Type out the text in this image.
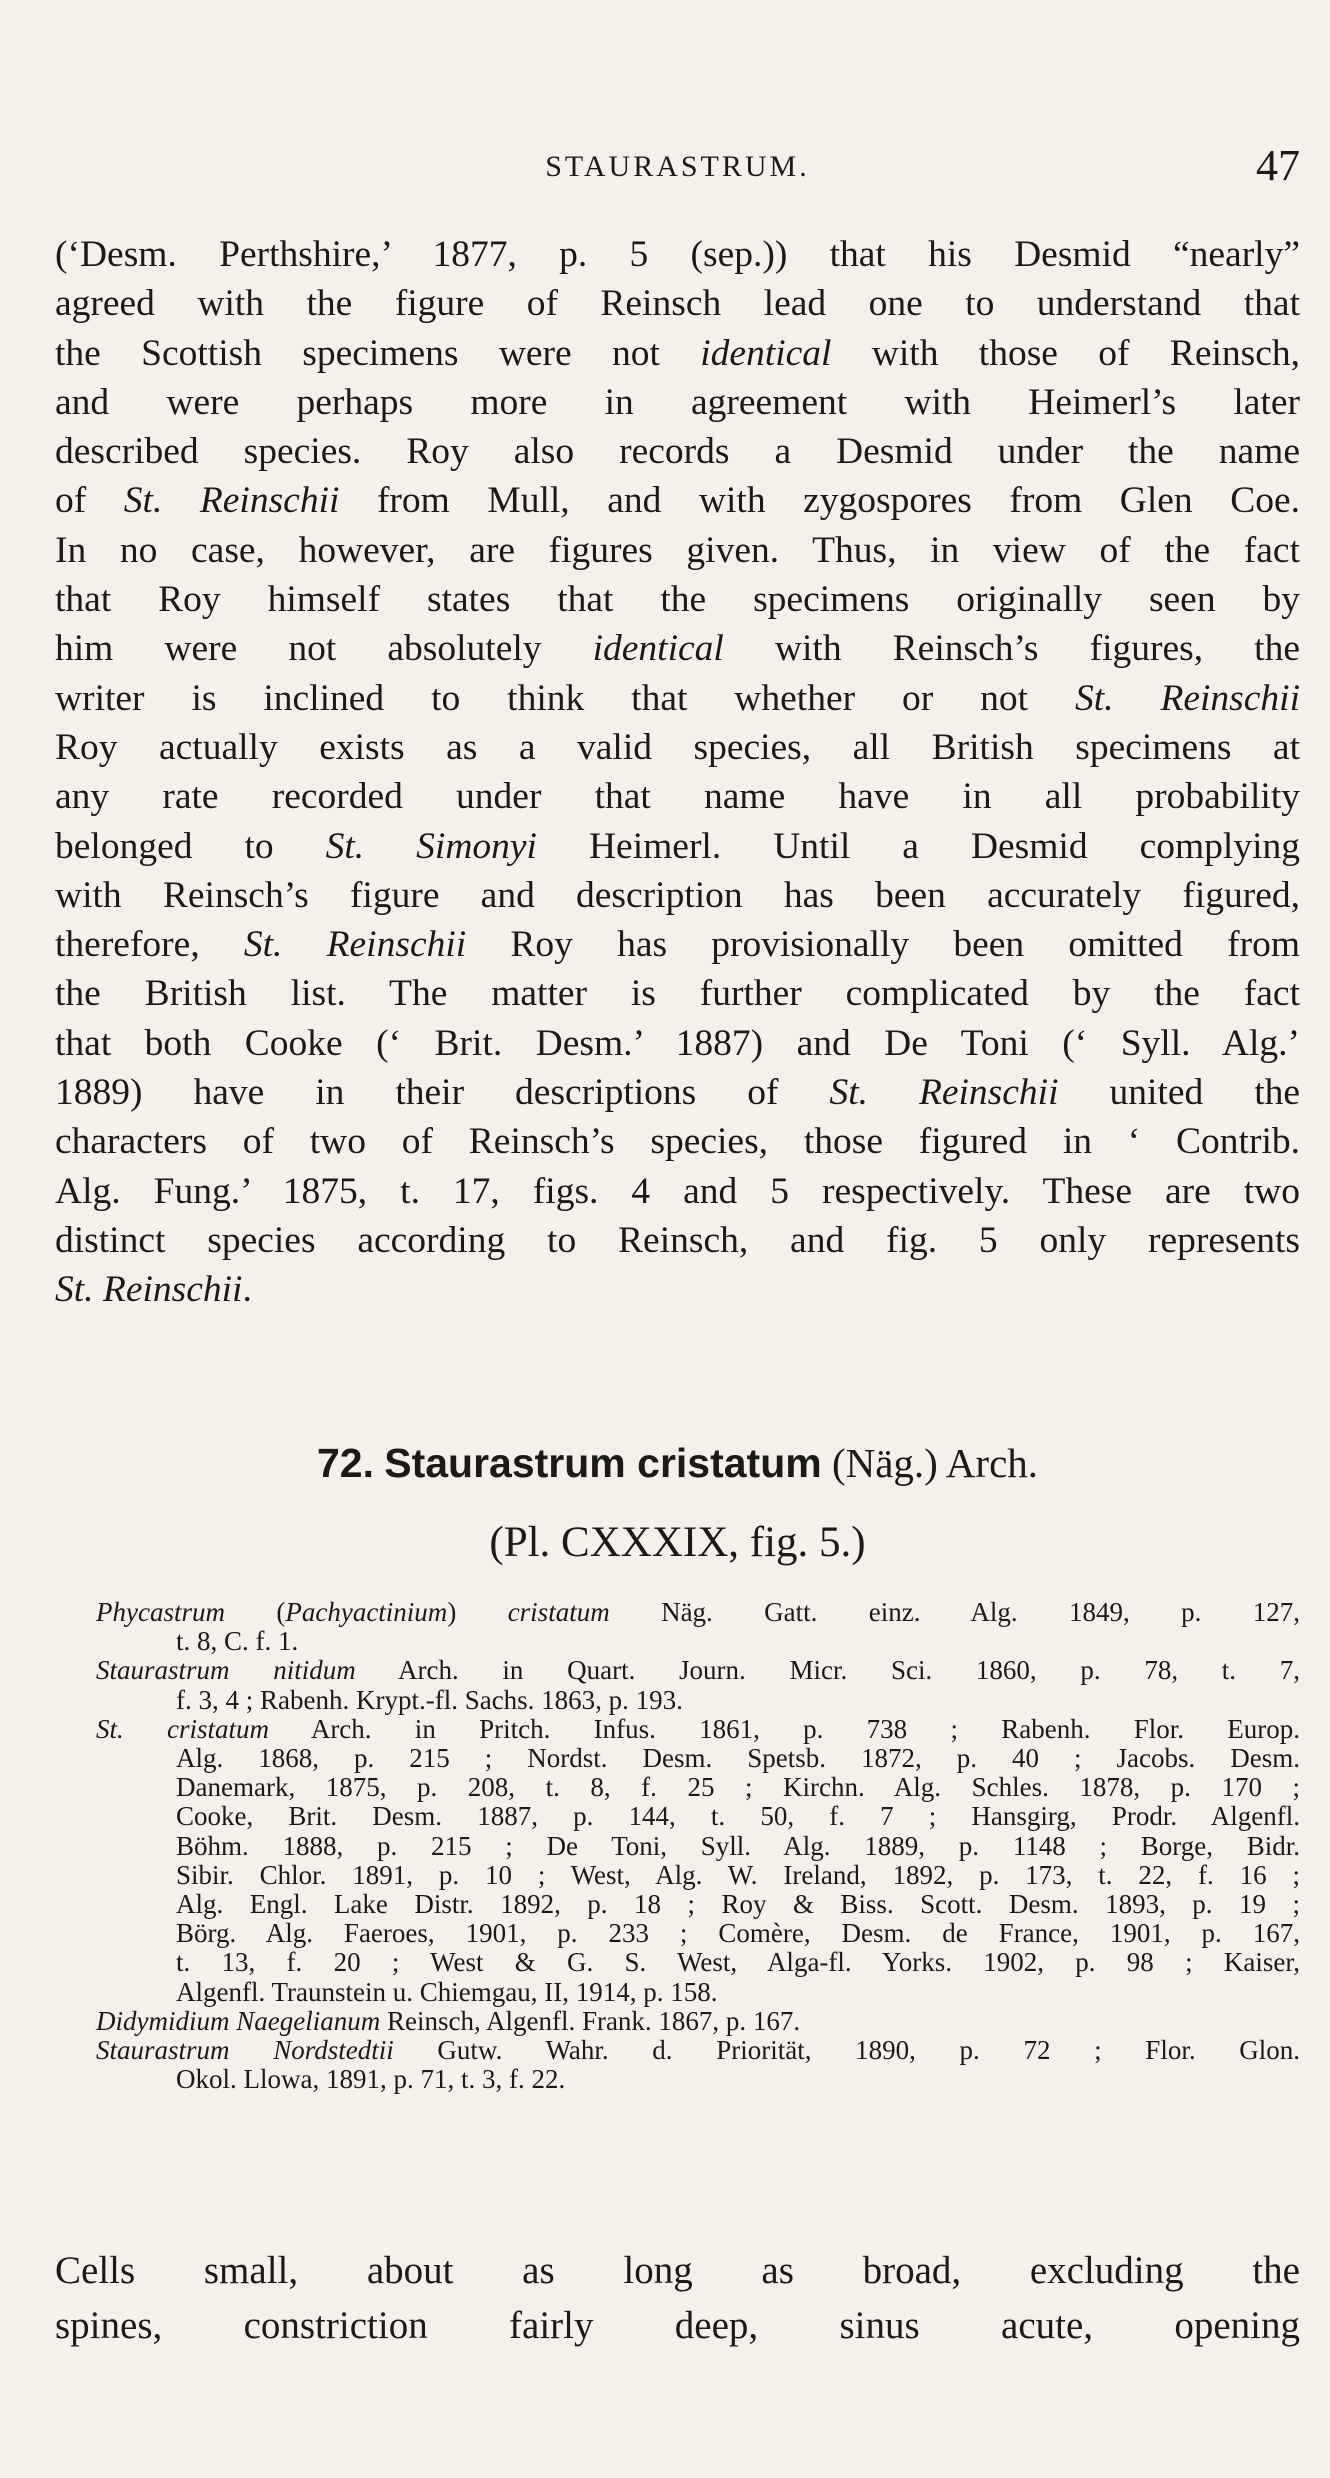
STAURASTRUM.	47
(‘Desm. Perthshire,’ 1877, p. 5 (sep.)) that his Desmid “nearly”
agreed with the figure of Reinsch lead one to understand that
the Scottish specimens were not identical with those of Reinsch,
and were perhaps more in agreement with Heimerl’s later
described species. Roy also records a Desmid under the name
of St. Reinschii from Mull, and with zygospores from Glen Coe.
In no case, however, are figures given. Thus, in view of the fact
that Roy himself states that the specimens originally seen by
him were not absolutely identical with Reinsch’s figures, the
writer is inclined to think that whether or not St. Reinschii
Roy actually exists as a valid species, all British specimens at
any rate recorded under that name have in all probability
belonged to St. Simonyi Heimerl. Until a Desmid complying
with Reinsch’s figure and description has been accurately figured,
therefore, St. Reinschii Roy has provisionally been omitted from
the British list. The matter is further complicated by the fact
that both Cooke (‘ Brit. Desm.’ 1887) and De Toni (‘ Syll. Alg.’
1889) have in their descriptions of St. Reinschii united the
characters of two of Reinsch’s species, those figured in ‘ Contrib.
Alg. Fung.’ 1875, t. 17, figs. 4 and 5 respectively. These are two
distinct species according to Reinsch, and fig. 5 only represents
St. Reinschii.
72. Staurastrum cristatum (Näg.) Arch.
(Pl. CXXXIX, fig. 5.)
Phycastrum (Pachyactinium) cristatum Näg. Gatt. einz. Alg. 1849, p. 127,
t. 8, C. f. 1.
Staurastrum nitidum Arch. in Quart. Journ. Micr. Sci. 1860, p. 78, t. 7,
f. 3, 4 ; Rabenh. Krypt.-fl. Sachs. 1863, p. 193.
St. cristatum Arch. in Pritch. Infus. 1861, p. 738 ; Rabenh. Flor. Europ.
Alg. 1868, p. 215 ; Nordst. Desm. Spetsb. 1872, p. 40 ; Jacobs. Desm.
Danemark, 1875, p. 208, t. 8, f. 25 ; Kirchn. Alg. Schles. 1878, p. 170 ;
Cooke, Brit. Desm. 1887, p. 144, t. 50, f. 7 ; Hansgirg, Prodr. Algenfl.
Böhm. 1888, p. 215 ; De Toni, Syll. Alg. 1889, p. 1148 ; Borge, Bidr.
Sibir. Chlor. 1891, p. 10 ; West, Alg. W. Ireland, 1892, p. 173, t. 22, f. 16 ;
Alg. Engl. Lake Distr. 1892, p. 18 ; Roy & Biss. Scott. Desm. 1893, p. 19 ;
Börg. Alg. Faeroes, 1901, p. 233 ; Comère, Desm. de France, 1901, p. 167,
t. 13, f. 20 ; West & G. S. West, Alga-fl. Yorks. 1902, p. 98 ; Kaiser,
Algenfl. Traunstein u. Chiemgau, II, 1914, p. 158.
Didymidium Naegelianum Reinsch, Algenfl. Frank. 1867, p. 167.
Staurastrum Nordstedtii Gutw. Wahr. d. Priorität, 1890, p. 72 ; Flor. Glon.
Okol. Llowa, 1891, p. 71, t. 3, f. 22.
Cells small, about as long as broad, excluding the
spines, constriction fairly deep, sinus acute, opening
